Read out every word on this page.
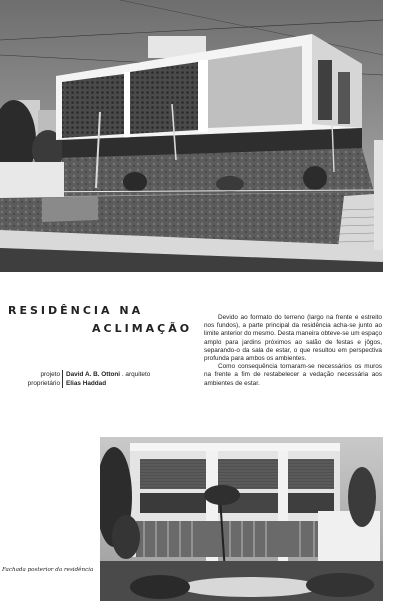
RESIDÊNCIA NA
ACLIMAÇÃO
projeto David A. B. Ottoni . arquiteto
proprietário Elias Haddad

Devido ao formato do terreno (largo na frente e estreito nos fundos), a parte principal da residência acha-se junto ao limite anterior do mesmo. Desta maneira obteve-se um espaço amplo para jardins próximos ao salão de festas e jôgos, separando-o da sala de estar, o que resultou em perspectiva profunda para ambos os ambientes.

Como consequência tornaram-se necessários os muros na frente a fim de restabelecer a vedação necessária aos ambientes de estar.

Fachada posterior da residência
